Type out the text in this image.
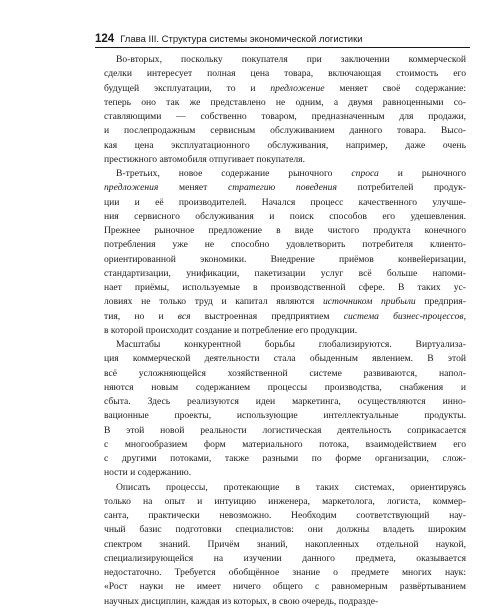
124 Глава III. Структура системы экономической логистики
Во-вторых, поскольку покупателя при заключении коммерческой
сделки интересует полная цена товара, включающая стоимость его
будущей эксплуатации, то и предложение меняет своё содержание:
теперь оно так же представлено не одним, а двумя равноценными со-
ставляющими — собственно товаром, предназначенным для продажи,
и послепродажным сервисным обслуживанием данного товара. Высо-
кая цена эксплуатационного обслуживания, например, даже очень
престижного автомобиля отпугивает покупателя.
В-третьих, новое содержание рыночного спроса и рыночного
предложения меняет стратегию поведения потребителей продук-
ции и её производителей. Начался процесс качественного улучше-
ния сервисного обслуживания и поиск способов его удешевления.
Прежнее рыночное предложение в виде чистого продукта конечного
потребления уже не способно удовлетворить потребителя клиенто-
ориентированной экономики. Внедрение приёмов конвейеризации,
стандартизации, унификации, пакетизации услуг всё больше напоми-
нает приёмы, используемые в производственной сфере. В таких ус-
ловиях не только труд и капитал являются источником прибыли предприя-
тия, но и вся выстроенная предприятием система бизнес-процессов,
в которой происходит создание и потребление его продукции.
Масштабы конкурентной борьбы глобализируются. Виртуализа-
ция коммерческой деятельности стала обыденным явлением. В этой
всё усложняющейся хозяйственной системе развиваются, напол-
няются новым содержанием процессы производства, снабжения и
сбыта. Здесь реализуются идеи маркетинга, осуществляются инно-
вационные проекты, использующие интеллектуальные продукты.
В этой новой реальности логистическая деятельность соприкасается
с многообразием форм материального потока, взаимодействием его
с другими потоками, также разными по форме организации, слож-
ности и содержанию.
Описать процессы, протекающие в таких системах, ориентируясь
только на опыт и интуицию инженера, маркетолога, логиста, коммер-
санта, практически невозможно. Необходим соответствующий нау-
чный базис подготовки специалистов: они должны владеть широким
спектром знаний. Причём знаний, накопленных отдельной наукой,
специализирующейся на изучении данного предмета, оказывается
недостаточно. Требуется обобщённое знание о предмете многих наук:
«Рост науки не имеет ничего общего с равномерным развёртыванием
научных дисциплин, каждая из которых, в свою очередь, подразде-
